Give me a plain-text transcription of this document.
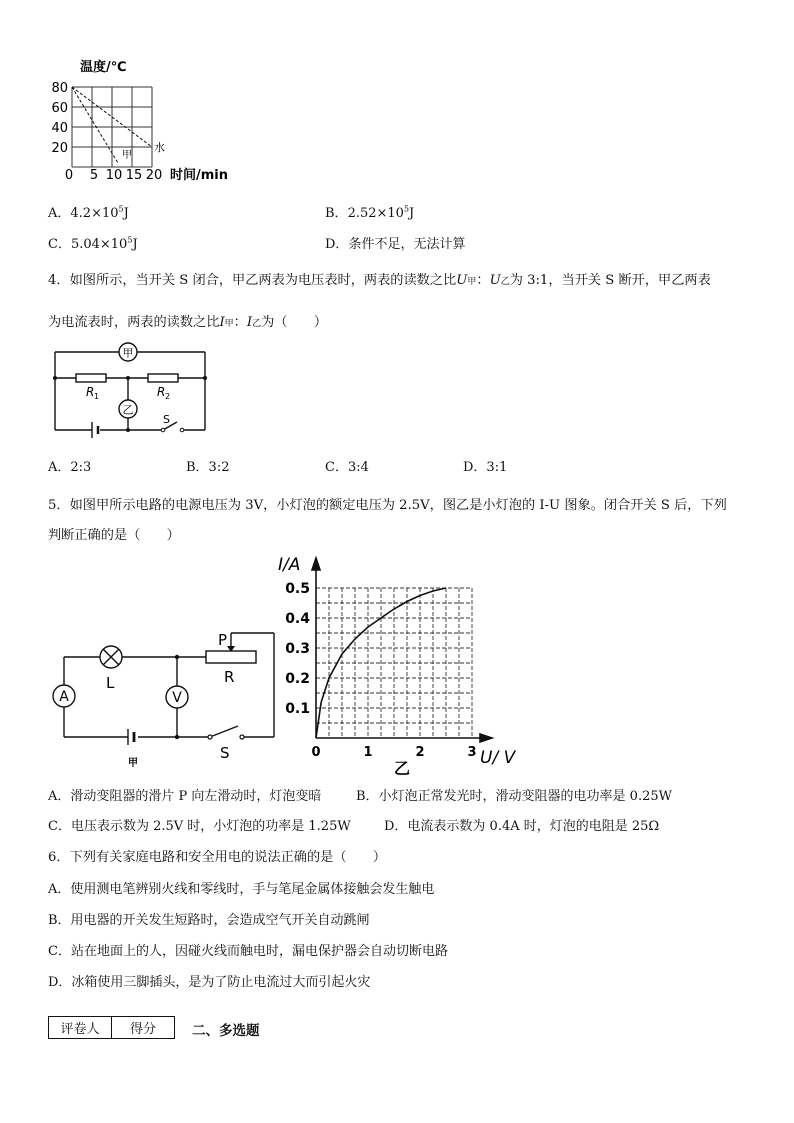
温度/℃
80
60
40
20
0 5 10 15 20
甲
水
时间/min
A．$4.2\times 10^5J$	B．$2.52\times 10^5J$
C．$5.04\times 10^5J$	D．条件不足，无法计算
4．如图所示，当开关 S 闭合，甲乙两表为电压表时，两表的读数之比U甲：U乙为 3:1，当开关 S 断开，甲乙两表
为电流表时，两表的读数之比I甲：I乙为（　　）
甲
乙
R 1	R 2
S
A．2:3	B．3:2	C．3:4	D．3:1
5．如图甲所示电路的电源电压为 3V，小灯泡的额定电压为 2.5V，图乙是小灯泡的 I-U 图象。闭合开关 S 后，下列
判断正确的是（　　）
A	V
L
P
R
S
甲
I/A
0.5
0.4
0.3
0.2
0.1
0	1	2	3 U/ V
乙
A．滑动变阻器的滑片 P 向左滑动时，灯泡变暗	B．小灯泡正常发光时，滑动变阻器的电功率是 0.25W
C．电压表示数为 2.5V 时，小灯泡的功率是 1.25W	D．电流表示数为 0.4A 时，灯泡的电阻是 25Ω
6．下列有关家庭电路和安全用电的说法正确的是（　　）
A．使用测电笔辨别火线和零线时，手与笔尾金属体接触会发生触电
B．用电器的开关发生短路时，会造成空气开关自动跳闸
C．站在地面上的人，因碰火线而触电时，漏电保护器会自动切断电路
D．冰箱使用三脚插头，是为了防止电流过大而引起火灾
评卷人	得分	二、多选题
